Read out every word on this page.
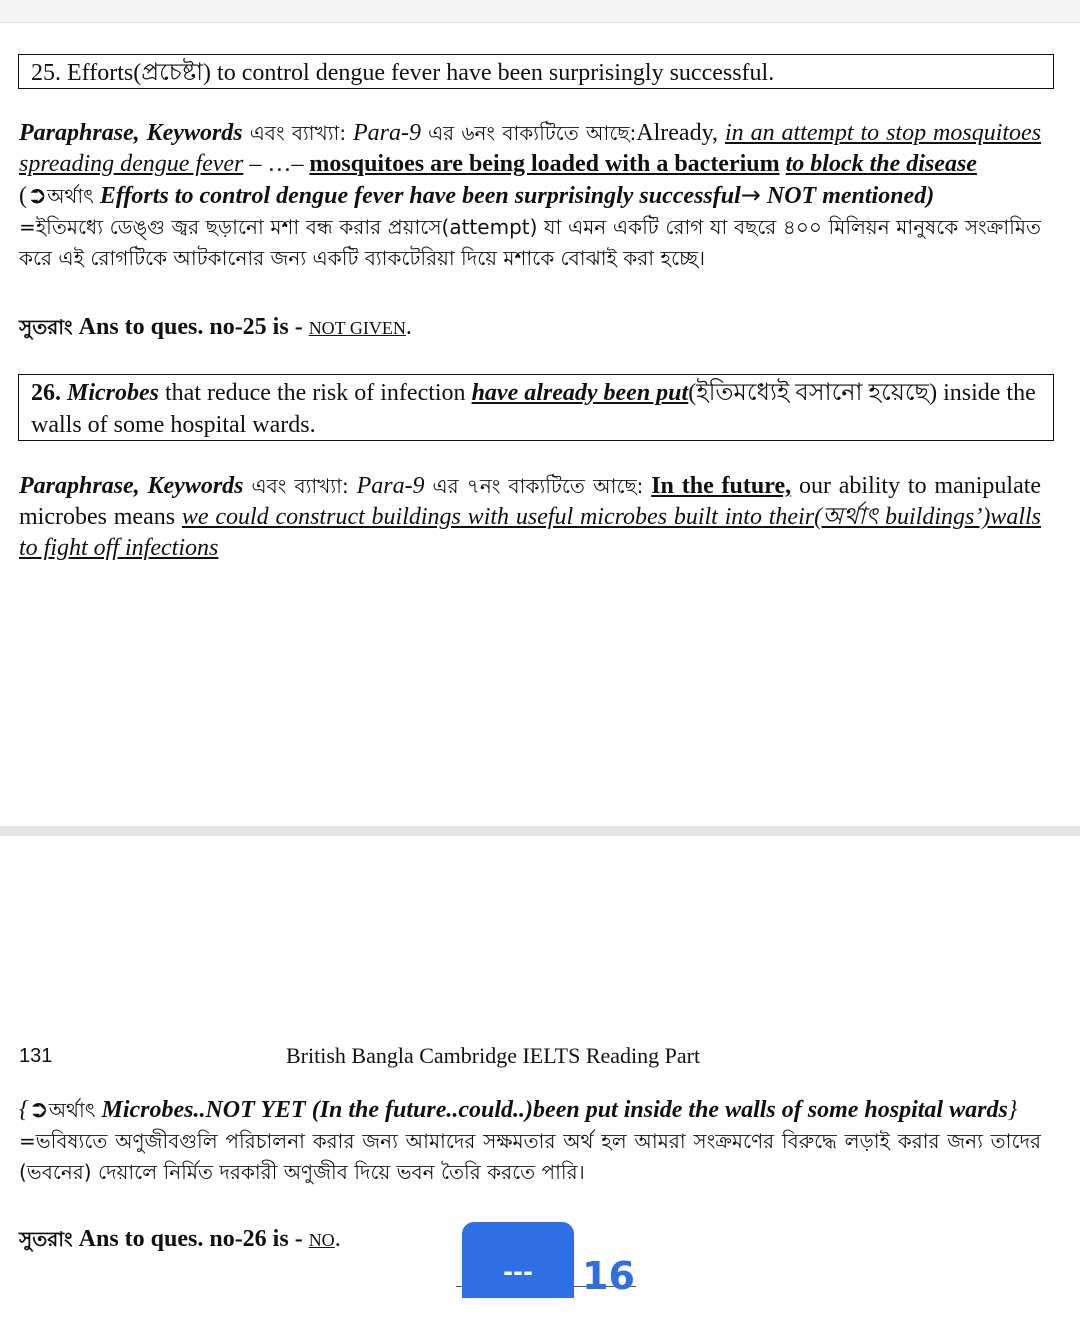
25. Efforts(প্রচেষ্টা) to control dengue fever have been surprisingly successful.
Paraphrase, Keywords এবং ব্যাখ্যা: Para-9 এর ৬নং বাক্যটিতে আছে:Already, in an attempt to stop mosquitoes spreading dengue fever – …– mosquitoes are being loaded with a bacterium to block the disease
(➲অর্থাৎ Efforts to control dengue fever have been surprisingly successful→ NOT mentioned)
=ইতিমধ্যে ডেঙ্গু জ্বর ছড়ানো মশা বন্ধ করার প্রয়াসে(attempt) যা এমন একটি রোগ যা বছরে ৪০০ মিলিয়ন মানুষকে সংক্রামিত করে এই রোগটিকে আটকানোর জন্য একটি ব্যাকটেরিয়া দিয়ে মশাকে বোঝাই করা হচ্ছে।
সুতরাং Ans to ques. no-25 is - NOT GIVEN.
26. Microbes that reduce the risk of infection have already been put(ইতিমধ্যেই বসানো হয়েছে) inside the walls of some hospital wards.
Paraphrase, Keywords এবং ব্যাখ্যা: Para-9 এর ৭নং বাক্যটিতে আছে: In the future, our ability to manipulate microbes means we could construct buildings with useful microbes built into their(অর্থাৎ buildings’)walls to fight off infections
131	British Bangla Cambridge IELTS Reading Part
{➲অর্থাৎ Microbes..NOT YET (In the future..could..)been put inside the walls of some hospital wards}
=ভবিষ্যতে অণুজীবগুলি পরিচালনা করার জন্য আমাদের সক্ষমতার অর্থ হল আমরা সংক্রমণের বিরুদ্ধে লড়াই করার জন্য তাদের (ভবনের) দেয়ালে নির্মিত দরকারী অণুজীব দিয়ে ভবন তৈরি করতে পারি।
সুতরাং Ans to ques. no-26 is - NO.
---	16
